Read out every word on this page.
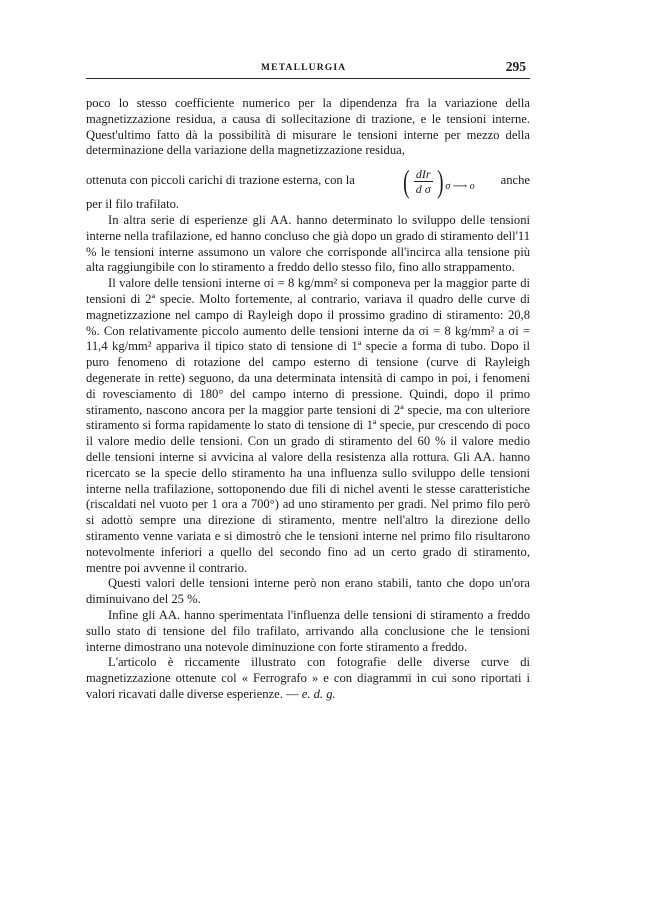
METALLURGIA	295

poco lo stesso coefficiente numerico per la dipendenza fra la variazione della magnetizzazione residua, a causa di sollecitazione di trazione, e le tensioni interne. Quest'ultimo fatto dà la possibilità di misurare le tensioni interne per mezzo della determinazione della variazione della magnetizzazione residua,

ottenuta con piccoli carichi di trazione esterna, con la	( $\frac{\text{dIr}}{\text{d σ}}$ ) σ ⟶ o anche

per il filo trafilato.

In altra serie di esperienze gli AA. hanno determinato lo sviluppo delle tensioni interne nella trafilazione, ed hanno concluso che già dopo un grado di stiramento dell'11 % le tensioni interne assumono un valore che corrisponde all'incirca alla tensione più alta raggiungibile con lo stiramento a freddo dello stesso filo, fino allo strappamento.

Il valore delle tensioni interne σi = 8 kg/mm² si componeva per la maggior parte di tensioni di 2ª specie. Molto fortemente, al contrario, variava il quadro delle curve di magnetizzazione nel campo di Rayleigh dopo il prossimo gradino di stiramento: 20,8 %. Con relativamente piccolo aumento delle tensioni interne da σi = 8 kg/mm² a σi = 11,4 kg/mm² appariva il tipico stato di tensione di 1ª specie a forma di tubo. Dopo il puro fenomeno di rotazione del campo esterno di tensione (curve di Rayleigh degenerate in rette) seguono, da una determinata intensità di campo in poi, i fenomeni di rovesciamento di 180° del campo interno di pressione. Quindi, dopo il primo stiramento, nascono ancora per la maggior parte tensioni di 2ª specie, ma con ulteriore stiramento si forma rapidamente lo stato di tensione di 1ª specie, pur crescendo di poco il valore medio delle tensioni. Con un grado di stiramento del 60 % il valore medio delle tensioni interne si avvicina al valore della resistenza alla rottura. Gli AA. hanno ricercato se la specie dello stiramento ha una influenza sullo sviluppo delle tensioni interne nella trafilazione, sottoponendo due fili di nichel aventi le stesse caratteristiche (riscaldati nel vuoto per 1 ora a 700°) ad uno stiramento per gradi. Nel primo filo però si adottò sempre una direzione di stiramento, mentre nell'altro la direzione dello stiramento venne variata e si dimostrò che le tensioni interne nel primo filo risultarono notevolmente inferiori a quello del secondo fino ad un certo grado di stiramento, mentre poi avvenne il contrario.

Questi valori delle tensioni interne però non erano stabili, tanto che dopo un'ora diminuivano del 25 %.

Infine gli AA. hanno sperimentata l'influenza delle tensioni di stiramento a freddo sullo stato di tensione del filo trafilato, arrivando alla conclusione che le tensioni interne dimostrano una notevole diminuzione con forte stiramento a freddo.

L'articolo è riccamente illustrato con fotografie delle diverse curve di magnetizzazione ottenute col « Ferrografo » e con diagrammi in cui sono riportati i valori ricavati dalle diverse esperienze. — e. d. g.
